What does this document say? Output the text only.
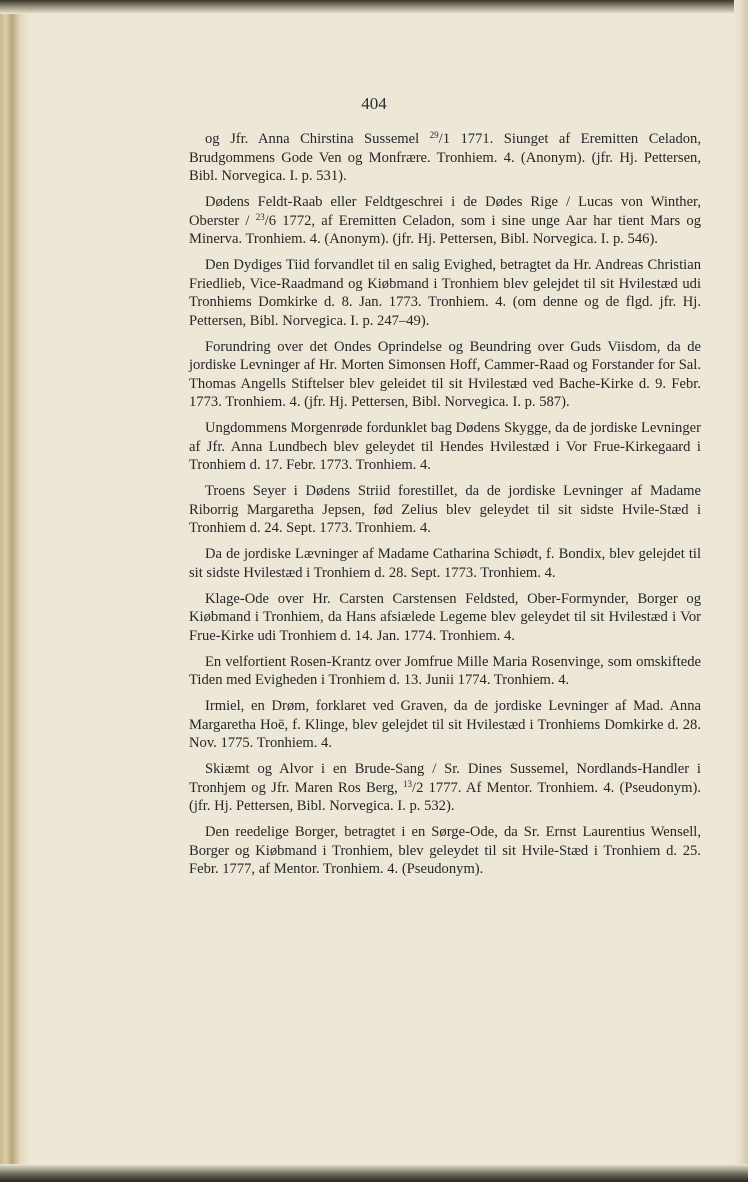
404

og Jfr. Anna Chirstina Sussemel $^{29}$/1 1771. Siunget af Eremitten Celadon, Brudgommens Gode Ven og Monfrære. Tronhiem. 4. (Anonym). (jfr. Hj. Pettersen, Bibl. Norvegica. I. p. 531).

Dødens Feldt-Raab eller Feldtgeschrei i de Dødes Rige / Lucas von Winther, Oberster / $^{23}$/6 1772, af Eremitten Celadon, som i sine unge Aar har tient Mars og Minerva. Tronhiem. 4. (Anonym). (jfr. Hj. Pettersen, Bibl. Norvegica. I. p. 546).

Den Dydiges Tiid forvandlet til en salig Evighed, betragtet da Hr. Andreas Christian Friedlieb, Vice-Raadmand og Kiøbmand i Tronhiem blev gelejdet til sit Hvilestæd udi Tronhiems Domkirke d. 8. Jan. 1773. Tronhiem. 4. (om denne og de flgd. jfr. Hj. Pettersen, Bibl. Norvegica. I. p. 247–49).

Forundring over det Ondes Oprindelse og Beundring over Guds Viisdom, da de jordiske Levninger af Hr. Morten Simonsen Hoff, Cammer-Raad og Forstander for Sal. Thomas Angells Stiftelser blev geleidet til sit Hvilestæd ved Bache-Kirke d. 9. Febr. 1773. Tronhiem. 4. (jfr. Hj. Pettersen, Bibl. Norvegica. I. p. 587).

Ungdommens Morgenrøde fordunklet bag Dødens Skygge, da de jordiske Levninger af Jfr. Anna Lundbech blev geleydet til Hendes Hvilestæd i Vor Frue-Kirkegaard i Tronhiem d. 17. Febr. 1773. Tronhiem. 4.

Troens Seyer i Dødens Striid forestillet, da de jordiske Levninger af Madame Riborrig Margaretha Jepsen, fød Zelius blev geleydet til sit sidste Hvile-Stæd i Tronhiem d. 24. Sept. 1773. Tronhiem. 4.

Da de jordiske Lævninger af Madame Catharina Schiødt, f. Bondix, blev gelejdet til sit sidste Hvilestæd i Tronhiem d. 28. Sept. 1773. Tronhiem. 4.

Klage-Ode over Hr. Carsten Carstensen Feldsted, Ober-Formynder, Borger og Kiøbmand i Tronhiem, da Hans afsiælede Legeme blev geleydet til sit Hvilestæd i Vor Frue-Kirke udi Tronhiem d. 14. Jan. 1774. Tronhiem. 4.

En velfortient Rosen-Krantz over Jomfrue Mille Maria Rosenvinge, som omskiftede Tiden med Evigheden i Tronhiem d. 13. Junii 1774. Tronhiem. 4.

Irmiel, en Drøm, forklaret ved Graven, da de jordiske Levninger af Mad. Anna Margaretha Hoē, f. Klinge, blev gelejdet til sit Hvilestæd i Tronhiems Domkirke d. 28. Nov. 1775. Tronhiem. 4.

Skiæmt og Alvor i en Brude-Sang / Sr. Dines Sussemel, Nordlands-Handler i Tronhjem og Jfr. Maren Ros Berg, $^{13}$/2 1777. Af Mentor. Tronhiem. 4. (Pseudonym). (jfr. Hj. Pettersen, Bibl. Norvegica. I. p. 532).

Den reedelige Borger, betragtet i en Sørge-Ode, da Sr. Ernst Laurentius Wensell, Borger og Kiøbmand i Tronhiem, blev geleydet til sit Hvile-Stæd i Tronhiem d. 25. Febr. 1777, af Mentor. Tronhiem. 4. (Pseudonym).
